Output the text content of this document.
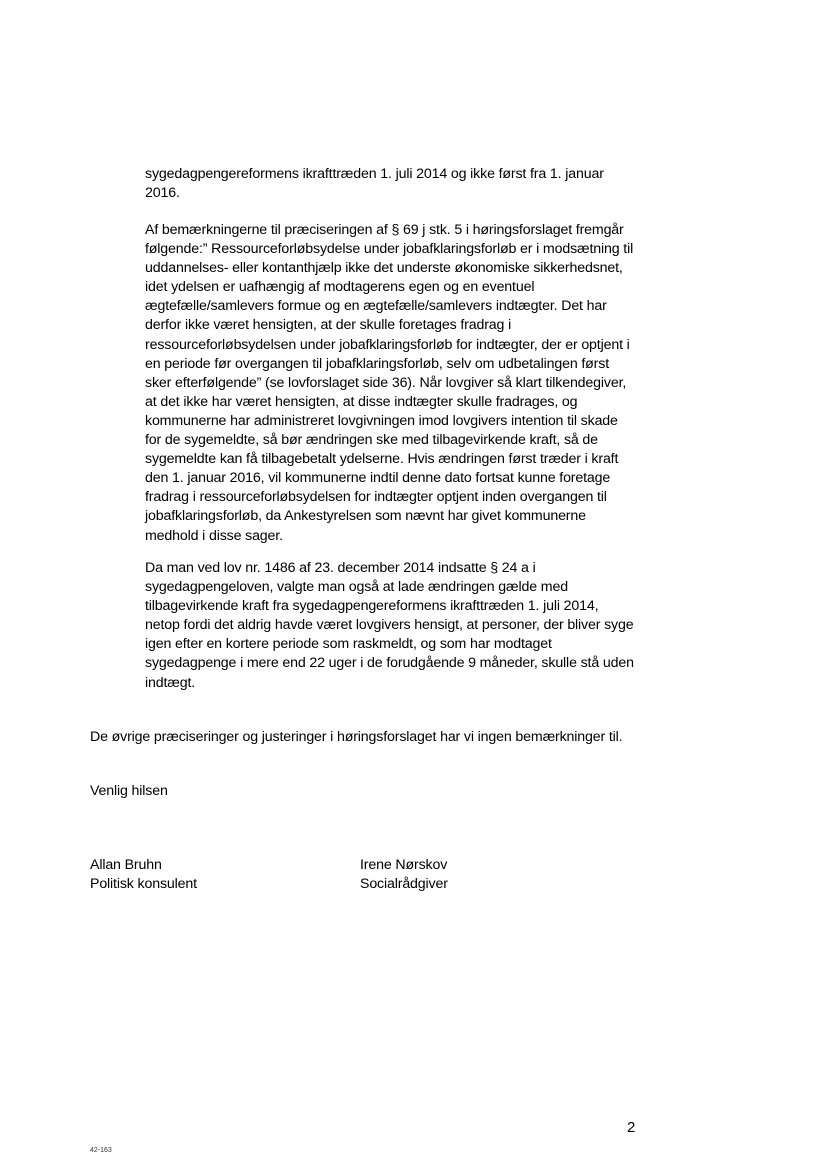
sygedagpengereformens ikrafttræden 1. juli 2014 og ikke først fra 1. januar
2016.
Af bemærkningerne til præciseringen af § 69 j stk. 5 i høringsforslaget fremgår
følgende:” Ressourceforløbsydelse under jobafklaringsforløb er i modsætning til
uddannelses- eller kontanthjælp ikke det underste økonomiske sikkerhedsnet,
idet ydelsen er uafhængig af modtagerens egen og en eventuel
ægtefælle/samlevers formue og en ægtefælle/samlevers indtægter. Det har
derfor ikke været hensigten, at der skulle foretages fradrag i
ressourceforløbsydelsen under jobafklaringsforløb for indtægter, der er optjent i
en periode før overgangen til jobafklaringsforløb, selv om udbetalingen først
sker efterfølgende” (se lovforslaget side 36). Når lovgiver så klart tilkendegiver,
at det ikke har været hensigten, at disse indtægter skulle fradrages, og
kommunerne har administreret lovgivningen imod lovgivers intention til skade
for de sygemeldte, så bør ændringen ske med tilbagevirkende kraft, så de
sygemeldte kan få tilbagebetalt ydelserne. Hvis ændringen først træder i kraft
den 1. januar 2016, vil kommunerne indtil denne dato fortsat kunne foretage
fradrag i ressourceforløbsydelsen for indtægter optjent inden overgangen til
jobafklaringsforløb, da Ankestyrelsen som nævnt har givet kommunerne
medhold i disse sager.
Da man ved lov nr. 1486 af 23. december 2014 indsatte § 24 a i
sygedagpengeloven, valgte man også at lade ændringen gælde med
tilbagevirkende kraft fra sygedagpengereformens ikrafttræden 1. juli 2014,
netop fordi det aldrig havde været lovgivers hensigt, at personer, der bliver syge
igen efter en kortere periode som raskmeldt, og som har modtaget
sygedagpenge i mere end 22 uger i de forudgående 9 måneder, skulle stå uden
indtægt.
De øvrige præciseringer og justeringer i høringsforslaget har vi ingen bemærkninger til.
Venlig hilsen
Allan Bruhn
Politisk konsulent
Irene Nørskov
Socialrådgiver
2
42-163
